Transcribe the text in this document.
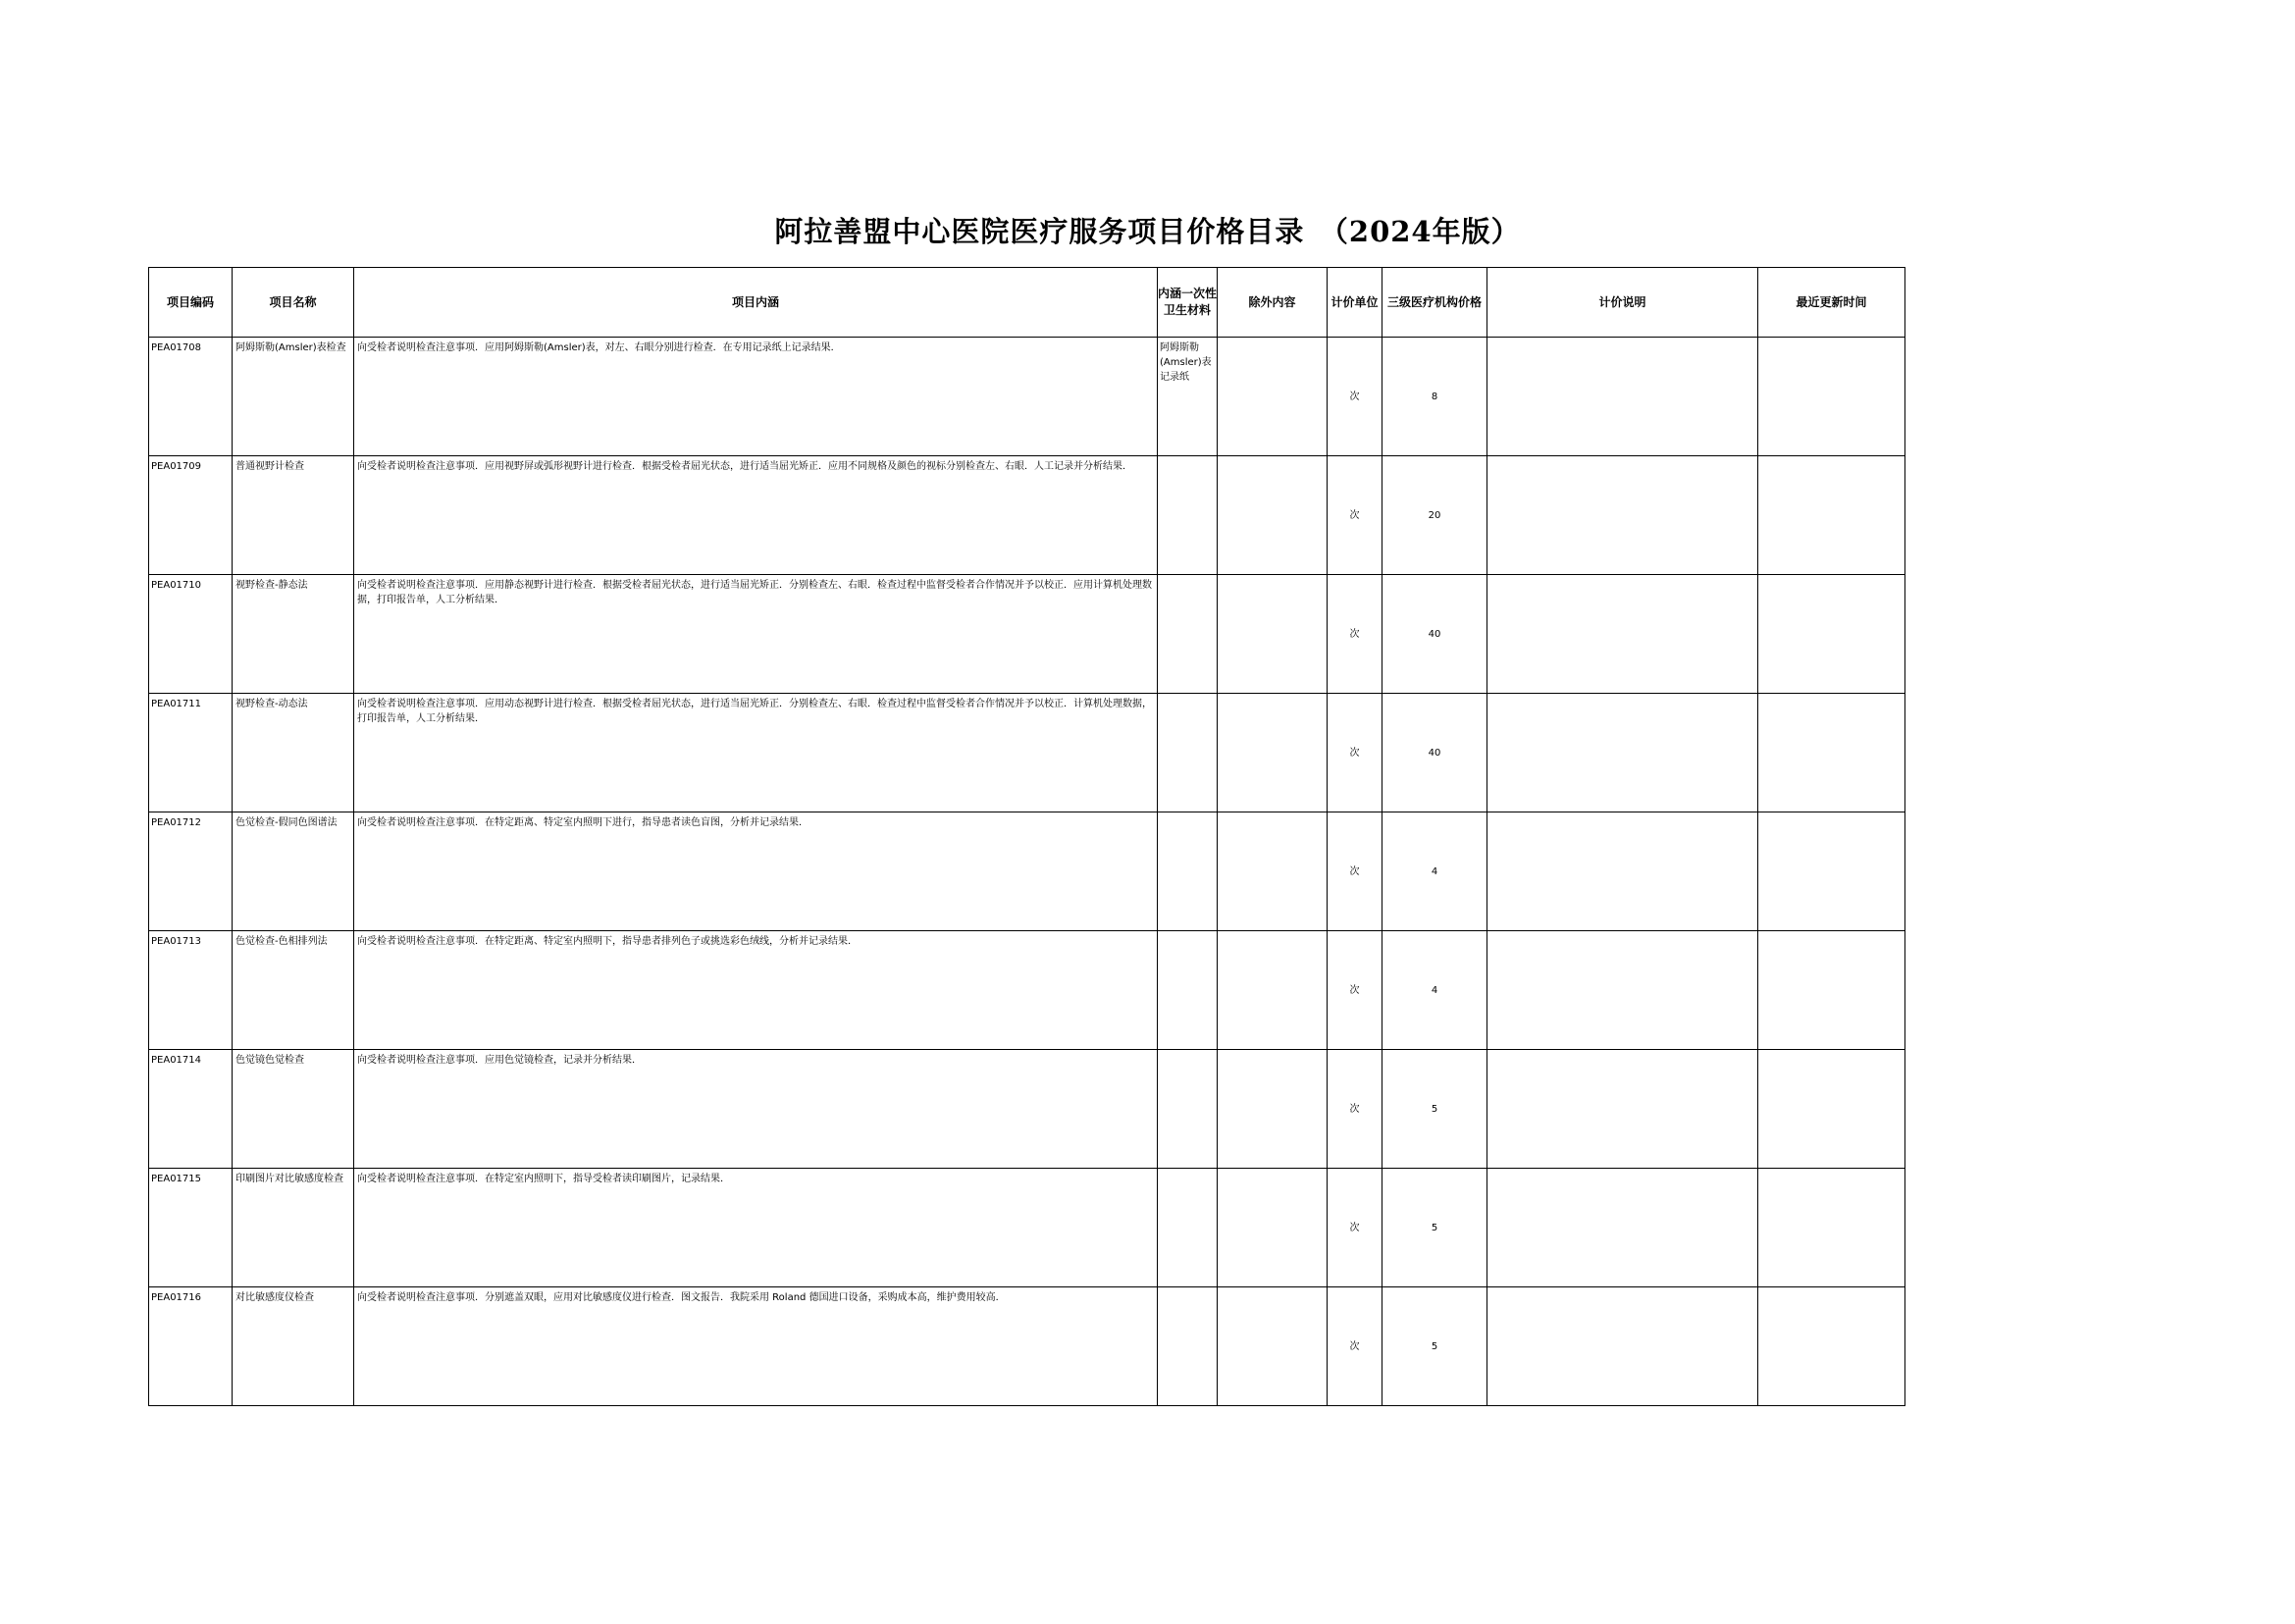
阿拉善盟中心医院医疗服务项目价格目录　（2024年版）
项目编码	项目名称	项目内涵	内涵一次性卫生材料	除外内容	计价单位	三级医疗机构价格	计价说明	最近更新时间
PEA01708	阿姆斯勒(Amsler)表检查	向受检者说明检查注意事项．应用阿姆斯勒(Amsler)表，对左、右眼分别进行检查．在专用记录纸上记录结果．	阿姆斯勒(Amsler)表记录纸		次	8		
PEA01709	普通视野计检查	向受检者说明检查注意事项．应用视野屏或弧形视野计进行检查．根据受检者屈光状态，进行适当屈光矫正．应用不同规格及颜色的视标分别检查左、右眼．人工记录并分析结果．			次	20		
PEA01710	视野检查-静态法	向受检者说明检查注意事项．应用静态视野计进行检查．根据受检者屈光状态，进行适当屈光矫正．分别检查左、右眼．检查过程中监督受检者合作情况并予以校正．应用计算机处理数据，打印报告单，人工分析结果．			次	40		
PEA01711	视野检查-动态法	向受检者说明检查注意事项．应用动态视野计进行检查．根据受检者屈光状态，进行适当屈光矫正．分别检查左、右眼．检查过程中监督受检者合作情况并予以校正．计算机处理数据，打印报告单，人工分析结果．			次	40		
PEA01712	色觉检查-假同色图谱法	向受检者说明检查注意事项．在特定距离、特定室内照明下进行，指导患者读色盲图，分析并记录结果．			次	4		
PEA01713	色觉检查-色相排列法	向受检者说明检查注意事项．在特定距离、特定室内照明下，指导患者排列色子或挑选彩色绒线，分析并记录结果．			次	4		
PEA01714	色觉镜色觉检查	向受检者说明检查注意事项．应用色觉镜检查，记录并分析结果．			次	5		
PEA01715	印刷图片对比敏感度检查	向受检者说明检查注意事项．在特定室内照明下，指导受检者读印刷图片，记录结果．			次	5		
PEA01716	对比敏感度仪检查	向受检者说明检查注意事项．分别遮盖双眼，应用对比敏感度仪进行检查．图文报告．我院采用 Roland 德国进口设备，采购成本高，维护费用较高．			次	5		
